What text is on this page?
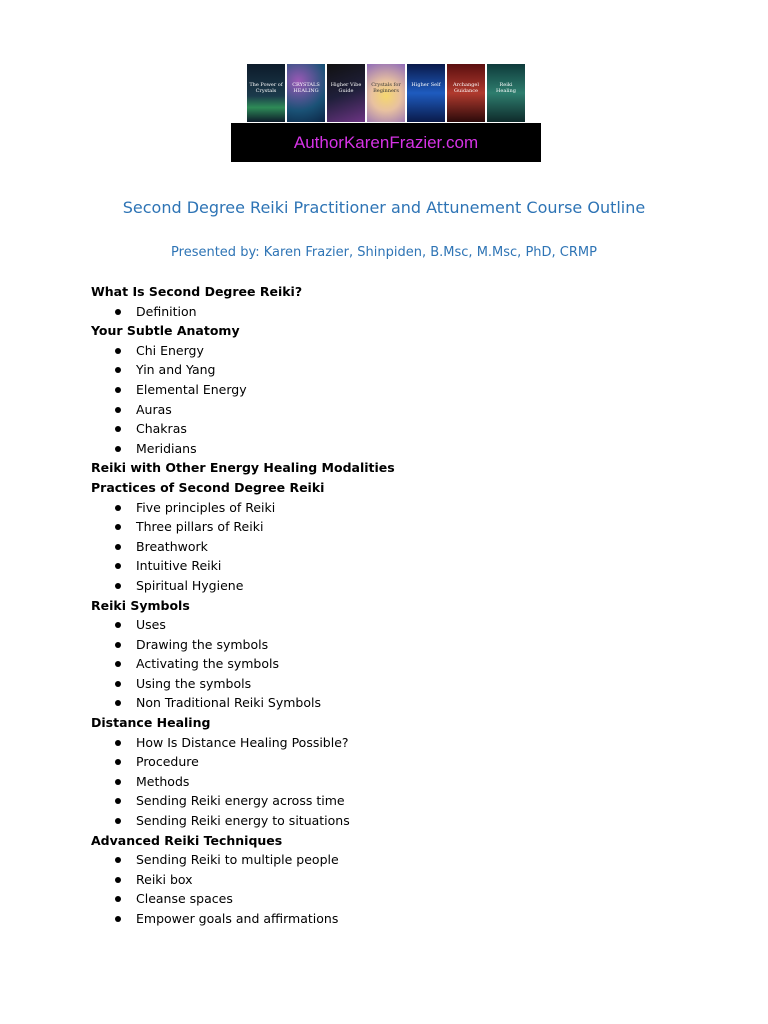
The Power of Crystals
CRYSTALS HEALING
Higher Vibe Guide
Crystals for Beginners
Higher Self	Archangel Guidance
Reiki Healing
AuthorKarenFrazier.com
Second Degree Reiki Practitioner and Attunement Course Outline
Presented by: Karen Frazier, Shinpiden, B.Msc, M.Msc, PhD, CRMP
What Is Second Degree Reiki?
Definition
Your Subtle Anatomy
Chi Energy
Yin and Yang
Elemental Energy
Auras
Chakras
Meridians
Reiki with Other Energy Healing Modalities
Practices of Second Degree Reiki
Five principles of Reiki
Three pillars of Reiki
Breathwork
Intuitive Reiki
Spiritual Hygiene
Reiki Symbols
Uses
Drawing the symbols
Activating the symbols
Using the symbols
Non Traditional Reiki Symbols
Distance Healing
How Is Distance Healing Possible?
Procedure
Methods
Sending Reiki energy across time
Sending Reiki energy to situations
Advanced Reiki Techniques
Sending Reiki to multiple people
Reiki box
Cleanse spaces
Empower goals and affirmations
